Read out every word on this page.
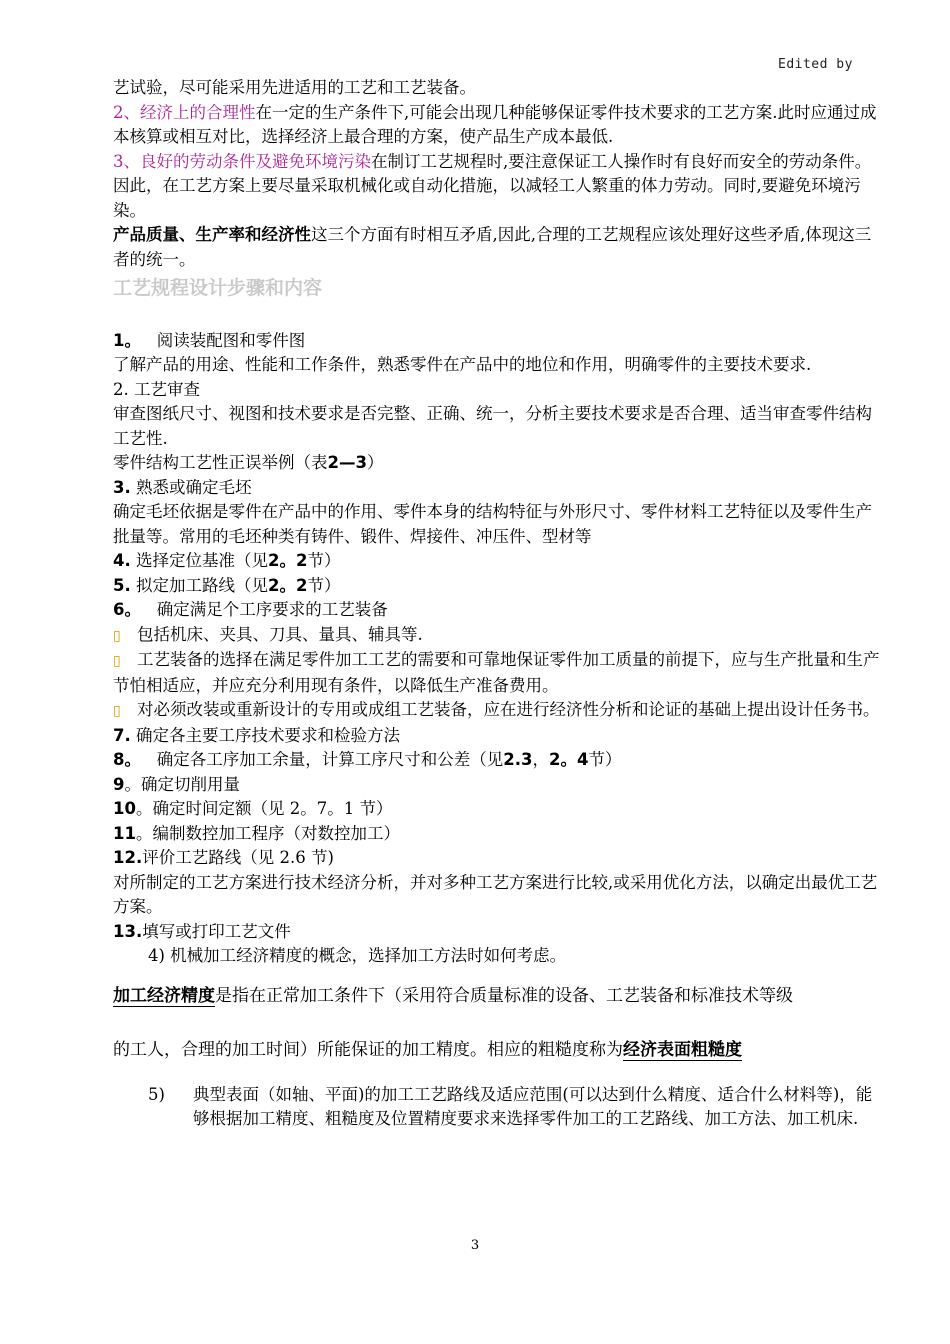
Edited by

艺试验，尽可能采用先进适用的工艺和工艺装备。

2、经济上的合理性在一定的生产条件下,可能会出现几种能够保证零件技术要求的工艺方案.此时应通过成本核算或相互对比，选择经济上最合理的方案，使产品生产成本最低.

3、良好的劳动条件及避免环境污染在制订工艺规程时,要注意保证工人操作时有良好而安全的劳动条件。因此，在工艺方案上要尽量采取机械化或自动化措施，以减轻工人繁重的体力劳动。同时,要避免环境污染。

产品质量、生产率和经济性这三个方面有时相互矛盾,因此,合理的工艺规程应该处理好这些矛盾,体现这三者的统一。

工艺规程设计步骤和内容

1。 阅读装配图和零件图

了解产品的用途、性能和工作条件，熟悉零件在产品中的地位和作用，明确零件的主要技术要求.

2. 工艺审查

审查图纸尺寸、视图和技术要求是否完整、正确、统一，分析主要技术要求是否合理、适当审查零件结构工艺性.

零件结构工艺性正误举例（表2—3）

3. 熟悉或确定毛坯

确定毛坯依据是零件在产品中的作用、零件本身的结构特征与外形尺寸、零件材料工艺特征以及零件生产批量等。常用的毛坯种类有铸件、锻件、焊接件、冲压件、型材等

4. 选择定位基准（见2。2节）

5. 拟定加工路线（见2。2节）

6。 确定满足个工序要求的工艺装备

▯ 包括机床、夹具、刀具、量具、辅具等.

▯ 工艺装备的选择在满足零件加工工艺的需要和可靠地保证零件加工质量的前提下，应与生产批量和生产节怕相适应，并应充分利用现有条件，以降低生产准备费用。

▯ 对必须改装或重新设计的专用或成组工艺装备，应在进行经济性分析和论证的基础上提出设计任务书。

7. 确定各主要工序技术要求和检验方法

8。 确定各工序加工余量，计算工序尺寸和公差（见2.3，2。4节）

9。确定切削用量

10。确定时间定额（见 2。7。1 节）

11。编制数控加工程序（对数控加工）

12.评价工艺路线（见 2.6 节)

对所制定的工艺方案进行技术经济分析，并对多种工艺方案进行比较,或采用优化方法，以确定出最优工艺方案。

13.填写或打印工艺文件

4) 机械加工经济精度的概念，选择加工方法时如何考虑。

加工经济精度是指在正常加工条件下（采用符合质量标准的设备、工艺装备和标准技术等级

的工人，合理的加工时间）所能保证的加工精度。相应的粗糙度称为经济表面粗糙度

5)	典型表面（如轴、平面)的加工工艺路线及适应范围(可以达到什么精度、适合什么材料等)，能够根据加工精度、粗糙度及位置精度要求来选择零件加工的工艺路线、加工方法、加工机床.
3
